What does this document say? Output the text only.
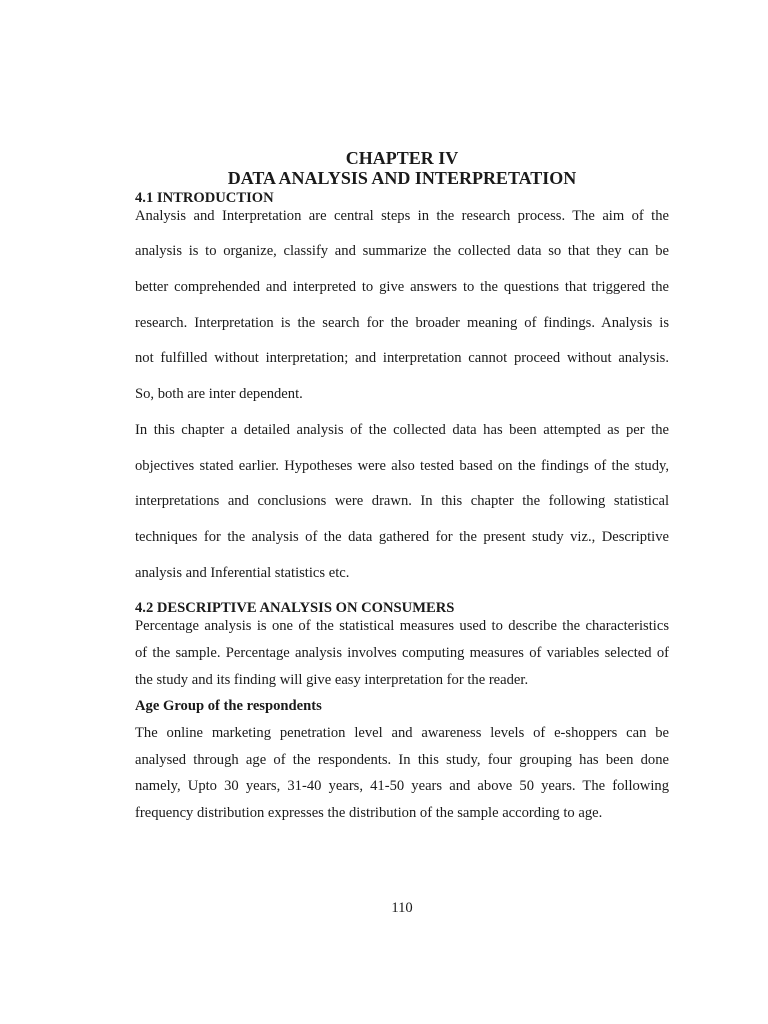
CHAPTER IV
DATA ANALYSIS AND INTERPRETATION
4.1 INTRODUCTION

Analysis and Interpretation are central steps in the research process. The aim of the

analysis is to organize, classify and summarize the collected data so that they can be

better comprehended and interpreted to give answers to the questions that triggered the

research. Interpretation is the search for the broader meaning of findings. Analysis is

not fulfilled without interpretation; and interpretation cannot proceed without analysis.

So, both are inter dependent.

In this chapter a detailed analysis of the collected data has been attempted as per the

objectives stated earlier. Hypotheses were also tested based on the findings of the study,

interpretations and conclusions were drawn. In this chapter the following statistical

techniques for the analysis of the data gathered for the present study viz., Descriptive

analysis and Inferential statistics etc.

4.2 DESCRIPTIVE ANALYSIS ON CONSUMERS

Percentage analysis is one of the statistical measures used to describe the characteristics

of the sample. Percentage analysis involves computing measures of variables selected of

the study and its finding will give easy interpretation for the reader.

Age Group of the respondents

The online marketing penetration level and awareness levels of e-shoppers can be

analysed through age of the respondents. In this study, four grouping has been done

namely, Upto 30 years, 31-40 years, 41-50 years and above 50 years. The following

frequency distribution expresses the distribution of the sample according to age.

110
